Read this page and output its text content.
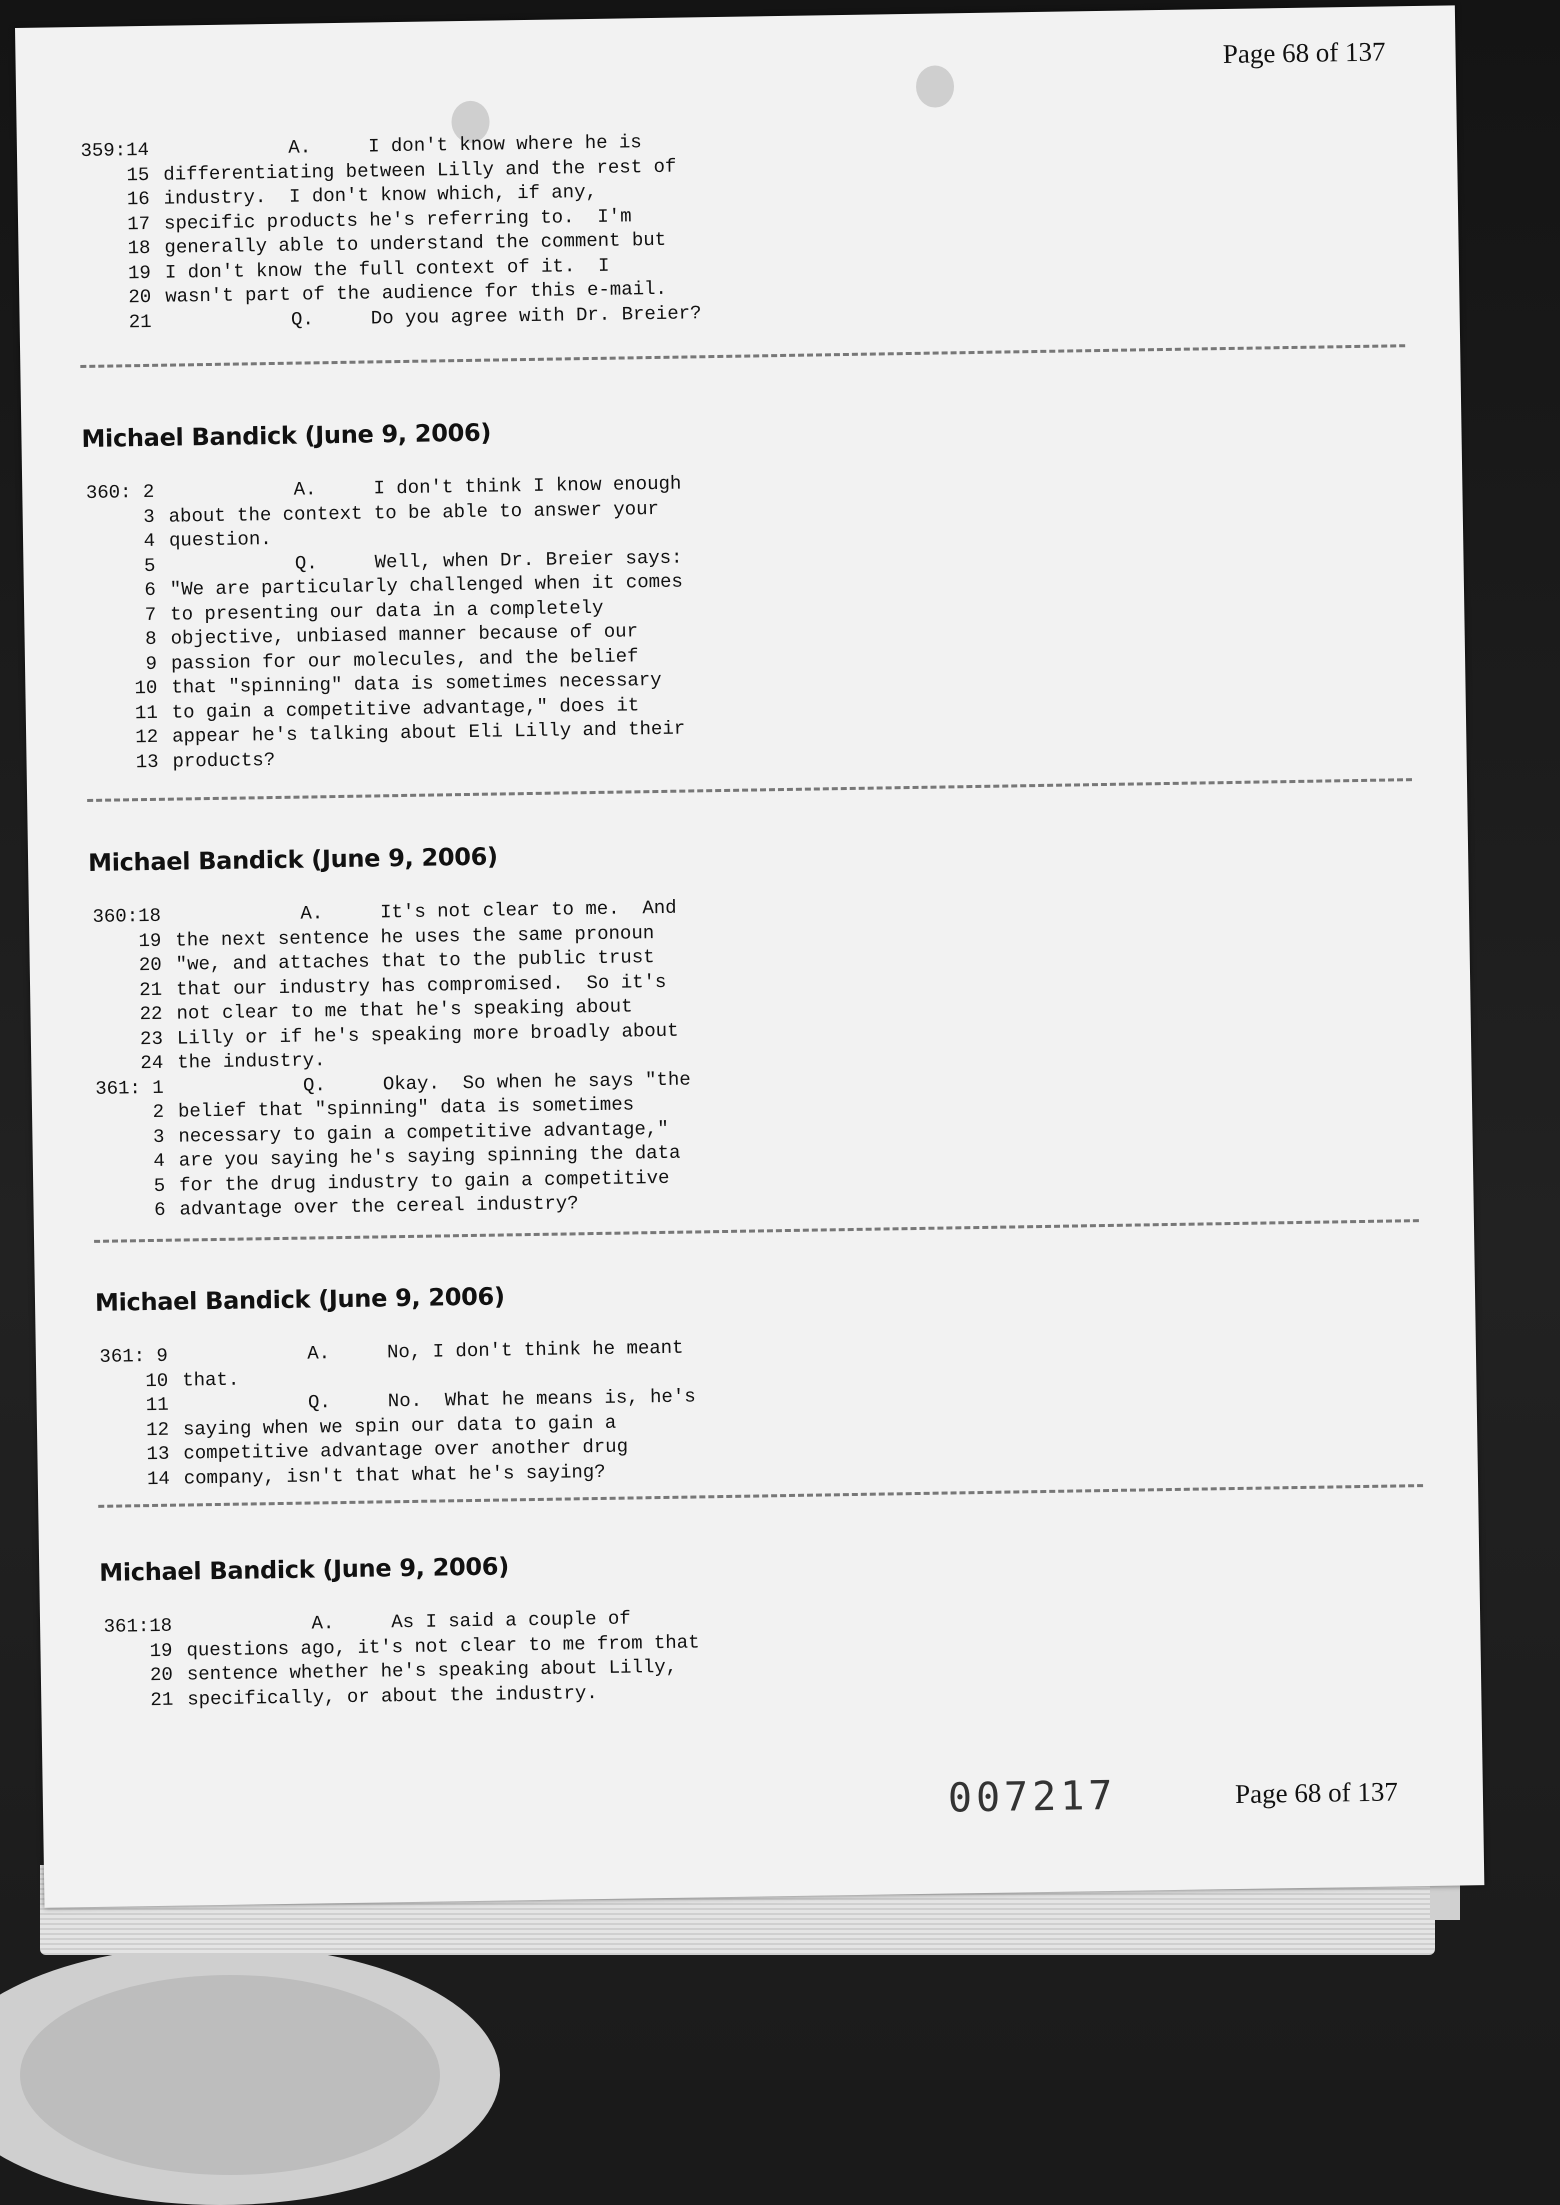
Page 68 of 137
359:14 A.     I don't know where he is
15 differentiating between Lilly and the rest of
16 industry.  I don't know which, if any,
17 specific products he's referring to.  I'm
18 generally able to understand the comment but
19 I don't know the full context of it.  I
20 wasn't part of the audience for this e-mail.
21 Q.     Do you agree with Dr. Breier?
Michael Bandick (June 9, 2006)
360: 2 A.     I don't think I know enough
3 about the context to be able to answer your
4 question.
5 Q.     Well, when Dr. Breier says:
6 "We are particularly challenged when it comes
7 to presenting our data in a completely
8 objective, unbiased manner because of our
9 passion for our molecules, and the belief
10 that "spinning" data is sometimes necessary
11 to gain a competitive advantage," does it
12 appear he's talking about Eli Lilly and their
13 products?
Michael Bandick (June 9, 2006)
360:18 A.     It's not clear to me.  And
19 the next sentence he uses the same pronoun
20 "we, and attaches that to the public trust
21 that our industry has compromised.  So it's
22 not clear to me that he's speaking about
23 Lilly or if he's speaking more broadly about
24 the industry.
361: 1 Q.     Okay.  So when he says "the
2 belief that "spinning" data is sometimes
3 necessary to gain a competitive advantage,"
4 are you saying he's saying spinning the data
5 for the drug industry to gain a competitive
6 advantage over the cereal industry?
Michael Bandick (June 9, 2006)
361: 9 A.     No, I don't think he meant
10 that.
11 Q.     No.  What he means is, he's
12 saying when we spin our data to gain a
13 competitive advantage over another drug
14 company, isn't that what he's saying?
Michael Bandick (June 9, 2006)
361:18 A.     As I said a couple of
19 questions ago, it's not clear to me from that
20 sentence whether he's speaking about Lilly,
21 specifically, or about the industry.
007217	Page 68 of 137
